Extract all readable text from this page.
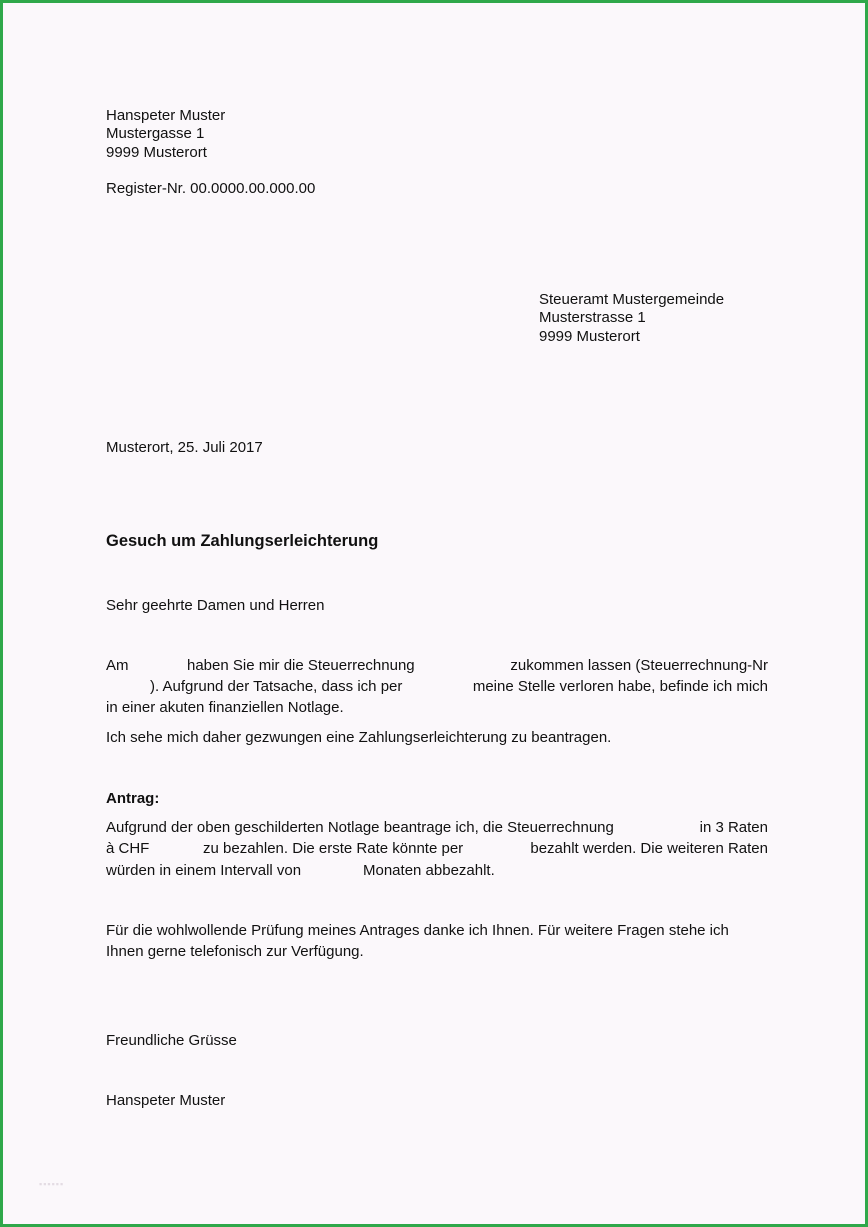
Hanspeter Muster
Mustergasse 1
9999 Musterort
Register-Nr. 00.0000.00.000.00
Steueramt Mustergemeinde
Musterstrasse 1
9999 Musterort
Musterort, 25. Juli 2017
Gesuch um Zahlungserleichterung
Sehr geehrte Damen und Herren
Am	haben Sie mir die Steuerrechnung	zukommen lassen (Steuerrechnung-Nr
). Aufgrund der Tatsache, dass ich per	meine Stelle verloren habe, befinde ich mich
in einer akuten finanziellen Notlage.
Ich sehe mich daher gezwungen eine Zahlungserleichterung zu beantragen.
Antrag:
Aufgrund der oben geschilderten Notlage beantrage ich, die Steuerrechnung	in 3 Raten
à CHF	zu bezahlen. Die erste Rate könnte per	bezahlt werden. Die weiteren Raten
würden in einem Intervall von	Monaten abbezahlt.
Für die wohlwollende Prüfung meines Antrages danke ich Ihnen. Für weitere Fragen stehe ich
Ihnen gerne telefonisch zur Verfügung.
Freundliche Grüsse
Hanspeter Muster
▪▪▪▪▪▪
